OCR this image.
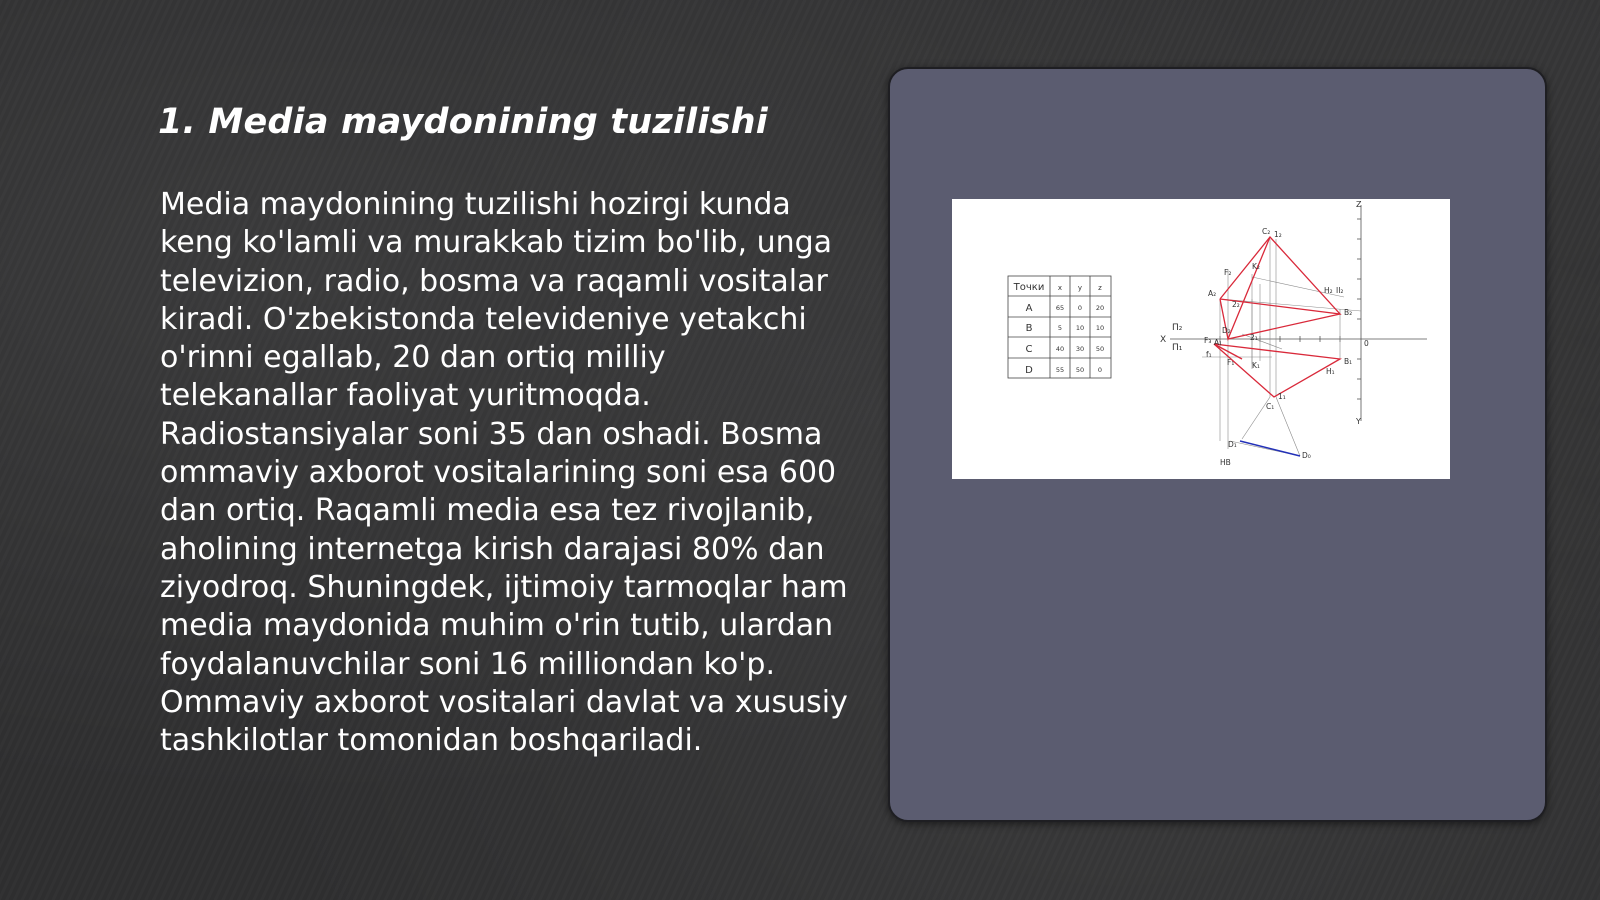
1. Media maydonining tuzilishi

Media maydonining tuzilishi hozirgi kunda keng ko'lamli va murakkab tizim bo'lib, unga televizion, radio, bosma va raqamli vositalar kiradi. O'zbekistonda televideniye yetakchi o'rinni egallab, 20 dan ortiq milliy telekanallar faoliyat yuritmoqda. Radiostansiyalar soni 35 dan oshadi. Bosma ommaviy axborot vositalarining soni esa 600 dan ortiq. Raqamli media esa tez rivojlanib, aholining internetga kirish darajasi 80% dan ziyodroq. Shuningdek, ijtimoiy tarmoqlar ham media maydonida muhim o'rin tutib, ulardan foydalanuvchilar soni 16 milliondan ko'p. Ommaviy axborot vositalari davlat va xususiy tashkilotlar tomonidan boshqariladi.

Точки x y z
A	65 0 20
B	5 10 10
C	40 30 50
D	55 50 0
C₂ 1₂
F₂
K₂
A₂	H₂ II₂
B₂
2₂
D₂
Π₂
Π₁
X
Z
Y
0
F₃ A₁
f₁
2₁
F₁ K₁	B₁
H₁
C₁
1₁
D₁
D₀
HB
